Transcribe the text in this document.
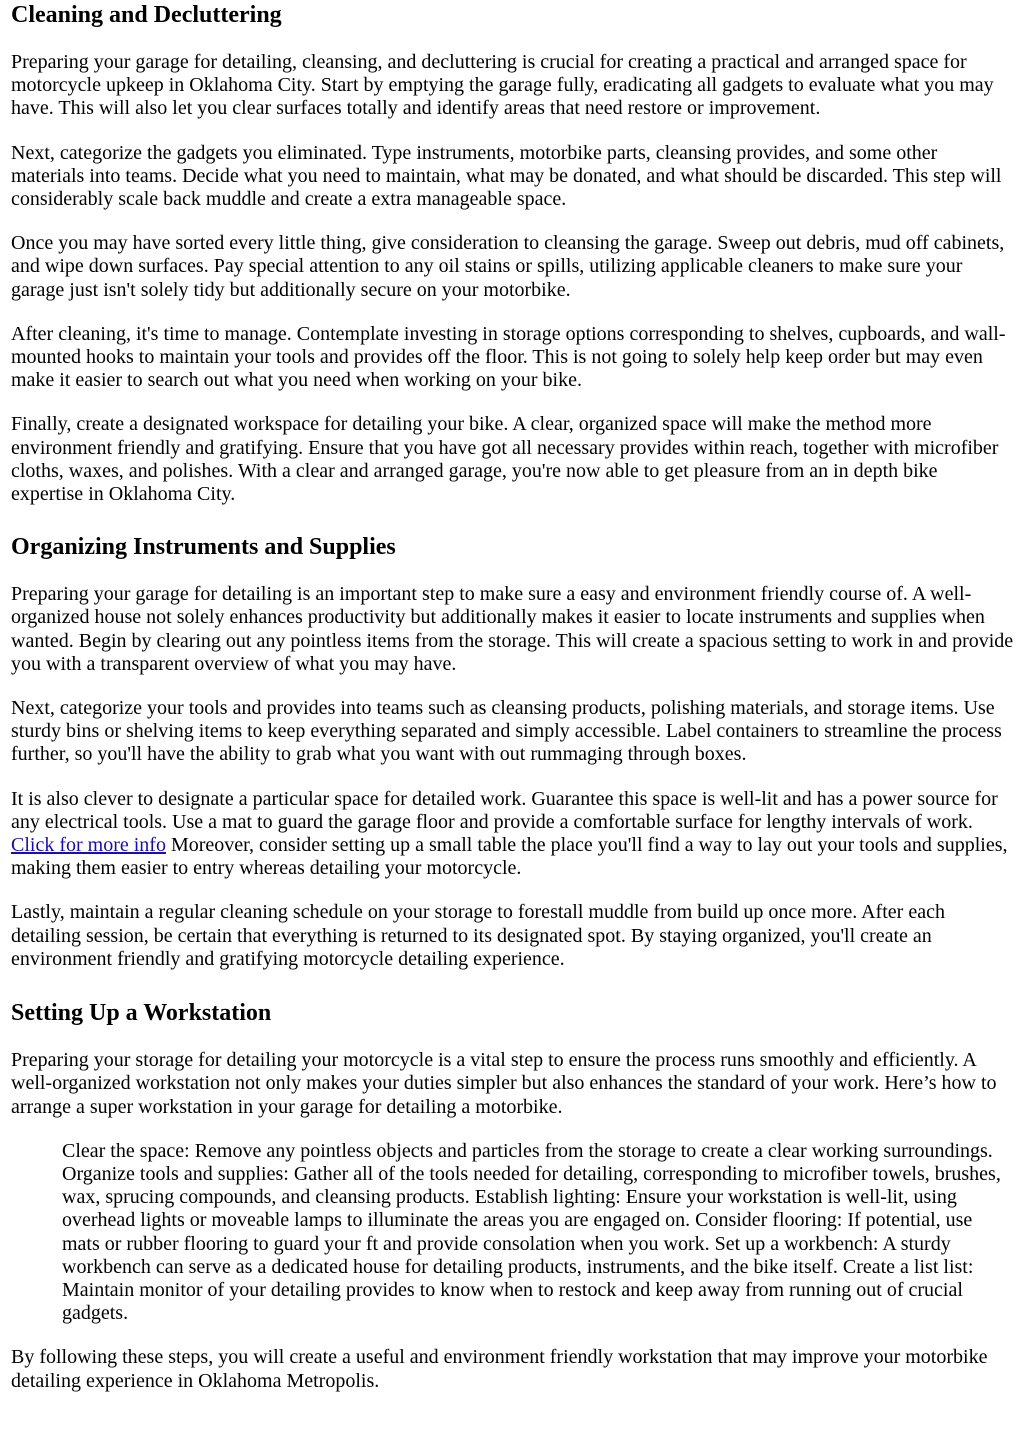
Cleaning and Decluttering

Preparing your garage for detailing, cleansing, and decluttering is crucial for creating a practical and arranged space for motorcycle upkeep in Oklahoma City. Start by emptying the garage fully, eradicating all gadgets to evaluate what you may have. This will also let you clear surfaces totally and identify areas that need restore or improvement.

Next, categorize the gadgets you eliminated. Type instruments, motorbike parts, cleansing provides, and some other materials into teams. Decide what you need to maintain, what may be donated, and what should be discarded. This step will considerably scale back muddle and create a extra manageable space.

Once you may have sorted every little thing, give consideration to cleansing the garage. Sweep out debris, mud off cabinets, and wipe down surfaces. Pay special attention to any oil stains or spills, utilizing applicable cleaners to make sure your garage just isn't solely tidy but additionally secure on your motorbike.

After cleaning, it's time to manage. Contemplate investing in storage options corresponding to shelves, cupboards, and wall-mounted hooks to maintain your tools and provides off the floor. This is not going to solely help keep order but may even make it easier to search out what you need when working on your bike.

Finally, create a designated workspace for detailing your bike. A clear, organized space will make the method more environment friendly and gratifying. Ensure that you have got all necessary provides within reach, together with microfiber cloths, waxes, and polishes. With a clear and arranged garage, you're now able to get pleasure from an in depth bike expertise in Oklahoma City.

Organizing Instruments and Supplies

Preparing your garage for detailing is an important step to make sure a easy and environment friendly course of. A well-organized house not solely enhances productivity but additionally makes it easier to locate instruments and supplies when wanted. Begin by clearing out any pointless items from the storage. This will create a spacious setting to work in and provide you with a transparent overview of what you may have.

Next, categorize your tools and provides into teams such as cleansing products, polishing materials, and storage items. Use sturdy bins or shelving items to keep everything separated and simply accessible. Label containers to streamline the process further, so you'll have the ability to grab what you want with out rummaging through boxes.

It is also clever to designate a particular space for detailed work. Guarantee this space is well-lit and has a power source for any electrical tools. Use a mat to guard the garage floor and provide a comfortable surface for lengthy intervals of work. Click for more info Moreover, consider setting up a small table the place you'll find a way to lay out your tools and supplies, making them easier to entry whereas detailing your motorcycle.

Lastly, maintain a regular cleaning schedule on your storage to forestall muddle from build up once more. After each detailing session, be certain that everything is returned to its designated spot. By staying organized, you'll create an environment friendly and gratifying motorcycle detailing experience.

Setting Up a Workstation

Preparing your storage for detailing your motorcycle is a vital step to ensure the process runs smoothly and efficiently. A well-organized workstation not only makes your duties simpler but also enhances the standard of your work. Here’s how to arrange a super workstation in your garage for detailing a motorbike.

Clear the space: Remove any pointless objects and particles from the storage to create a clear working surroundings. Organize tools and supplies: Gather all of the tools needed for detailing, corresponding to microfiber towels, brushes, wax, sprucing compounds, and cleansing products. Establish lighting: Ensure your workstation is well-lit, using overhead lights or moveable lamps to illuminate the areas you are engaged on. Consider flooring: If potential, use mats or rubber flooring to guard your ft and provide consolation when you work. Set up a workbench: A sturdy workbench can serve as a dedicated house for detailing products, instruments, and the bike itself. Create a list list: Maintain monitor of your detailing provides to know when to restock and keep away from running out of crucial gadgets.

By following these steps, you will create a useful and environment friendly workstation that may improve your motorbike detailing experience in Oklahoma Metropolis.
